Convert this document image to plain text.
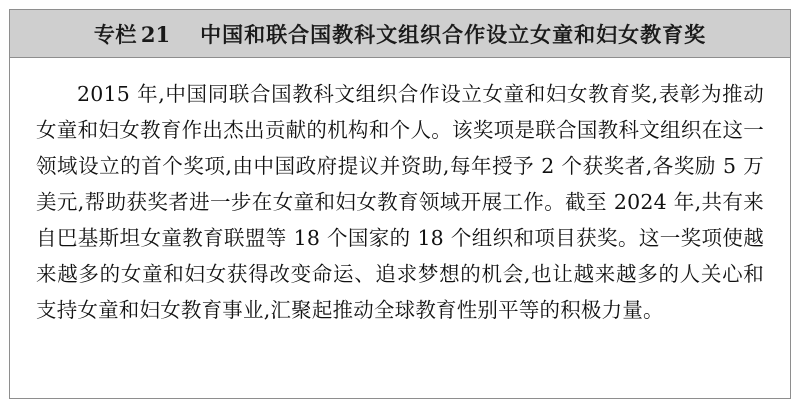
专栏 21 中国和联合国教科文组织合作设立女童和妇女教育奖

2015 年,中国同联合国教科文组织合作设立女童和妇女教育奖,表彰为推动女童和妇女教育作出杰出贡献的机构和个人。该奖项是联合国教科文组织在这一领域设立的首个奖项,由中国政府提议并资助,每年授予 2 个获奖者,各奖励 5 万美元,帮助获奖者进一步在女童和妇女教育领域开展工作。截至 2024 年,共有来自巴基斯坦女童教育联盟等 18 个国家的 18 个组织和项目获奖。这一奖项使越来越多的女童和妇女获得改变命运、追求梦想的机会,也让越来越多的人关心和支持女童和妇女教育事业,汇聚起推动全球教育性别平等的积极力量。
